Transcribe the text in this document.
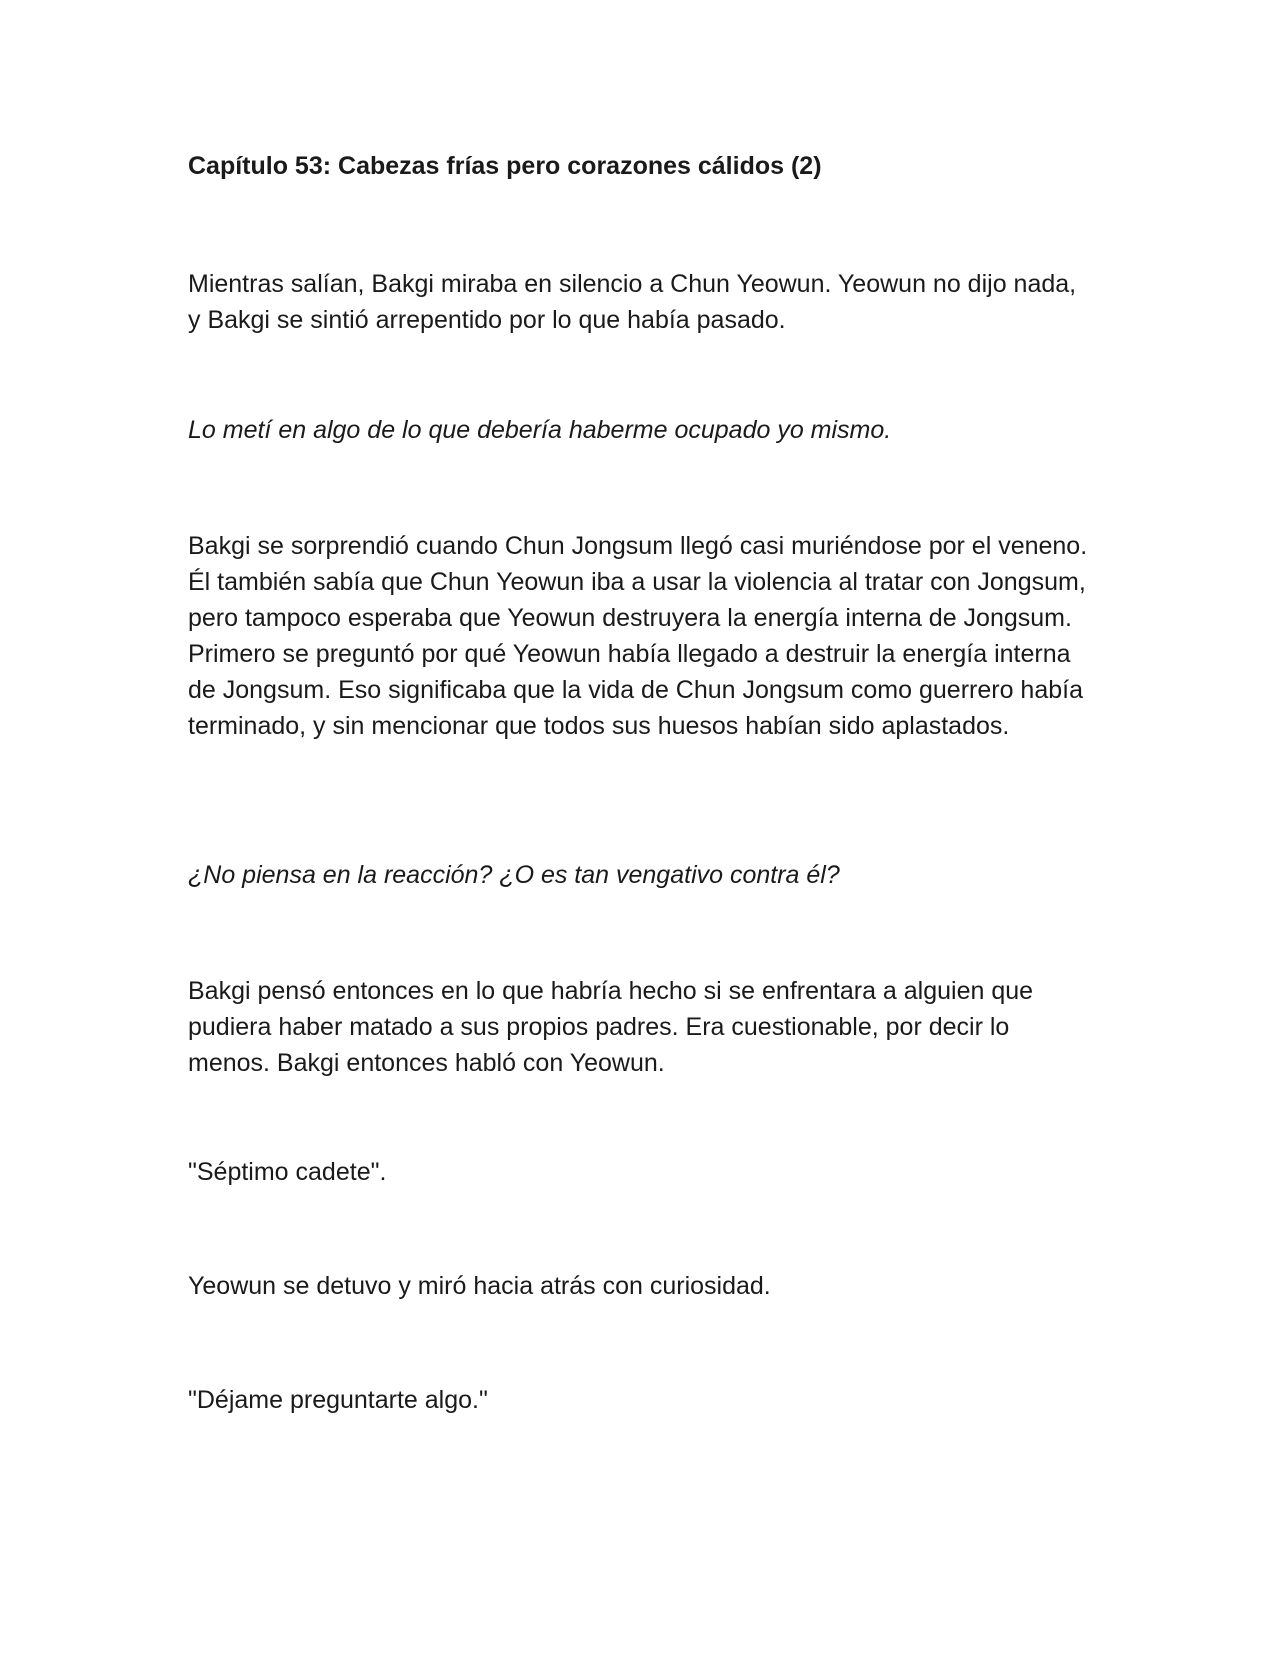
Capítulo 53: Cabezas frías pero corazones cálidos (2)

Mientras salían, Bakgi miraba en silencio a Chun Yeowun. Yeowun no dijo nada, y Bakgi se sintió arrepentido por lo que había pasado.

Lo metí en algo de lo que debería haberme ocupado yo mismo.

Bakgi se sorprendió cuando Chun Jongsum llegó casi muriéndose por el veneno. Él también sabía que Chun Yeowun iba a usar la violencia al tratar con Jongsum, pero tampoco esperaba que Yeowun destruyera la energía interna de Jongsum. Primero se preguntó por qué Yeowun había llegado a destruir la energía interna de Jongsum. Eso significaba que la vida de Chun Jongsum como guerrero había terminado, y sin mencionar que todos sus huesos habían sido aplastados.

¿No piensa en la reacción? ¿O es tan vengativo contra él?

Bakgi pensó entonces en lo que habría hecho si se enfrentara a alguien que pudiera haber matado a sus propios padres. Era cuestionable, por decir lo menos. Bakgi entonces habló con Yeowun.

"Séptimo cadete".

Yeowun se detuvo y miró hacia atrás con curiosidad.

"Déjame preguntarte algo."
